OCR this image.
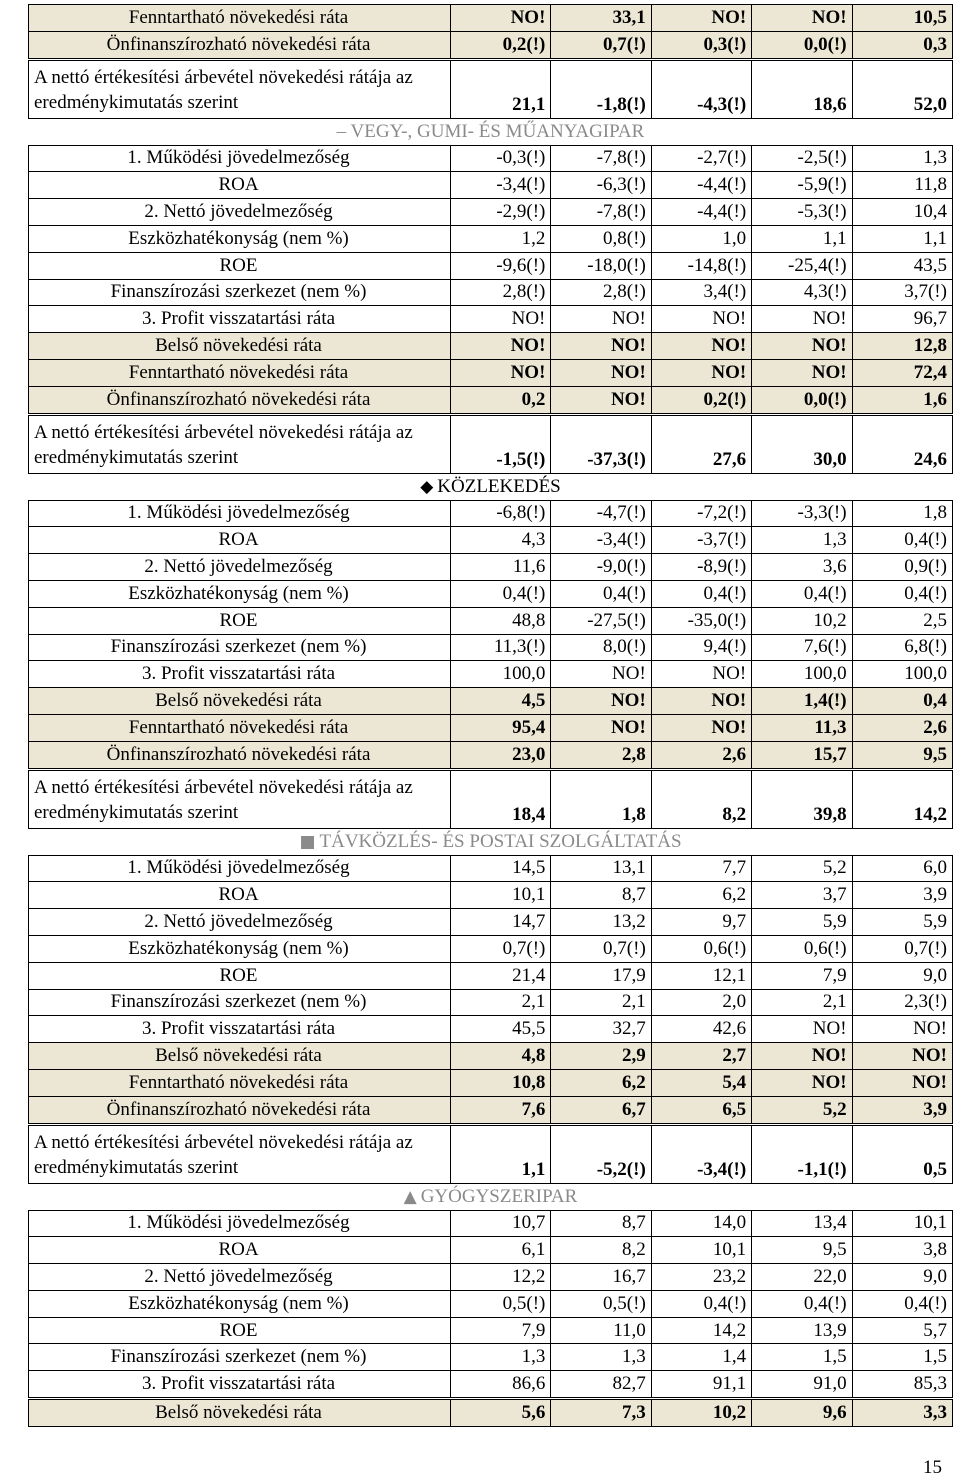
Fenntartható növekedési ráta	NO!	33,1	NO!	NO!	10,5
Önfinanszírozható növekedési ráta	0,2(!)	0,7(!)	0,3(!)	0,0(!)	0,3
A nettó értékesítési árbevétel növekedési rátája az eredménykimutatás szerint	21,1	-1,8(!)	-4,3(!)	18,6	52,0
– VEGY-, GUMI- ÉS MŰANYAGIPAR					
1. Működési jövedelmezőség	-0,3(!)	-7,8(!)	-2,7(!)	-2,5(!)	1,3
ROA	-3,4(!)	-6,3(!)	-4,4(!)	-5,9(!)	11,8
2. Nettó jövedelmezőség	-2,9(!)	-7,8(!)	-4,4(!)	-5,3(!)	10,4
Eszközhatékonyság (nem %)	1,2	0,8(!)	1,0	1,1	1,1
ROE	-9,6(!)	-18,0(!)	-14,8(!)	-25,4(!)	43,5
Finanszírozási szerkezet (nem %)	2,8(!)	2,8(!)	3,4(!)	4,3(!)	3,7(!)
3. Profit visszatartási ráta	NO!	NO!	NO!	NO!	96,7
Belső növekedési ráta	NO!	NO!	NO!	NO!	12,8
Fenntartható növekedési ráta	NO!	NO!	NO!	NO!	72,4
Önfinanszírozható növekedési ráta	0,2	NO!	0,2(!)	0,0(!)	1,6
A nettó értékesítési árbevétel növekedési rátája az eredménykimutatás szerint	-1,5(!)	-37,3(!)	27,6	30,0	24,6
◆ KÖZLEKEDÉS					
1. Működési jövedelmezőség	-6,8(!)	-4,7(!)	-7,2(!)	-3,3(!)	1,8
ROA	4,3	-3,4(!)	-3,7(!)	1,3	0,4(!)
2. Nettó jövedelmezőség	11,6	-9,0(!)	-8,9(!)	3,6	0,9(!)
Eszközhatékonyság (nem %)	0,4(!)	0,4(!)	0,4(!)	0,4(!)	0,4(!)
ROE	48,8	-27,5(!)	-35,0(!)	10,2	2,5
Finanszírozási szerkezet (nem %)	11,3(!)	8,0(!)	9,4(!)	7,6(!)	6,8(!)
3. Profit visszatartási ráta	100,0	NO!	NO!	100,0	100,0
Belső növekedési ráta	4,5	NO!	NO!	1,4(!)	0,4
Fenntartható növekedési ráta	95,4	NO!	NO!	11,3	2,6
Önfinanszírozható növekedési ráta	23,0	2,8	2,6	15,7	9,5
A nettó értékesítési árbevétel növekedési rátája az eredménykimutatás szerint	18,4	1,8	8,2	39,8	14,2
■ TÁVKÖZLÉS- ÉS POSTAI SZOLGÁLTATÁS					
1. Működési jövedelmezőség	14,5	13,1	7,7	5,2	6,0
ROA	10,1	8,7	6,2	3,7	3,9
2. Nettó jövedelmezőség	14,7	13,2	9,7	5,9	5,9
Eszközhatékonyság (nem %)	0,7(!)	0,7(!)	0,6(!)	0,6(!)	0,7(!)
ROE	21,4	17,9	12,1	7,9	9,0
Finanszírozási szerkezet (nem %)	2,1	2,1	2,0	2,1	2,3(!)
3. Profit visszatartási ráta	45,5	32,7	42,6	NO!	NO!
Belső növekedési ráta	4,8	2,9	2,7	NO!	NO!
Fenntartható növekedési ráta	10,8	6,2	5,4	NO!	NO!
Önfinanszírozható növekedési ráta	7,6	6,7	6,5	5,2	3,9
A nettó értékesítési árbevétel növekedési rátája az eredménykimutatás szerint	1,1	-5,2(!)	-3,4(!)	-1,1(!)	0,5
▲ GYÓGYSZERIPAR					
1. Működési jövedelmezőség	10,7	8,7	14,0	13,4	10,1
ROA	6,1	8,2	10,1	9,5	3,8
2. Nettó jövedelmezőség	12,2	16,7	23,2	22,0	9,0
Eszközhatékonyság (nem %)	0,5(!)	0,5(!)	0,4(!)	0,4(!)	0,4(!)
ROE	7,9	11,0	14,2	13,9	5,7
Finanszírozási szerkezet (nem %)	1,3	1,3	1,4	1,5	1,5
3. Profit visszatartási ráta	86,6	82,7	91,1	91,0	85,3
Belső növekedési ráta	5,6	7,3	10,2	9,6	3,3
15
